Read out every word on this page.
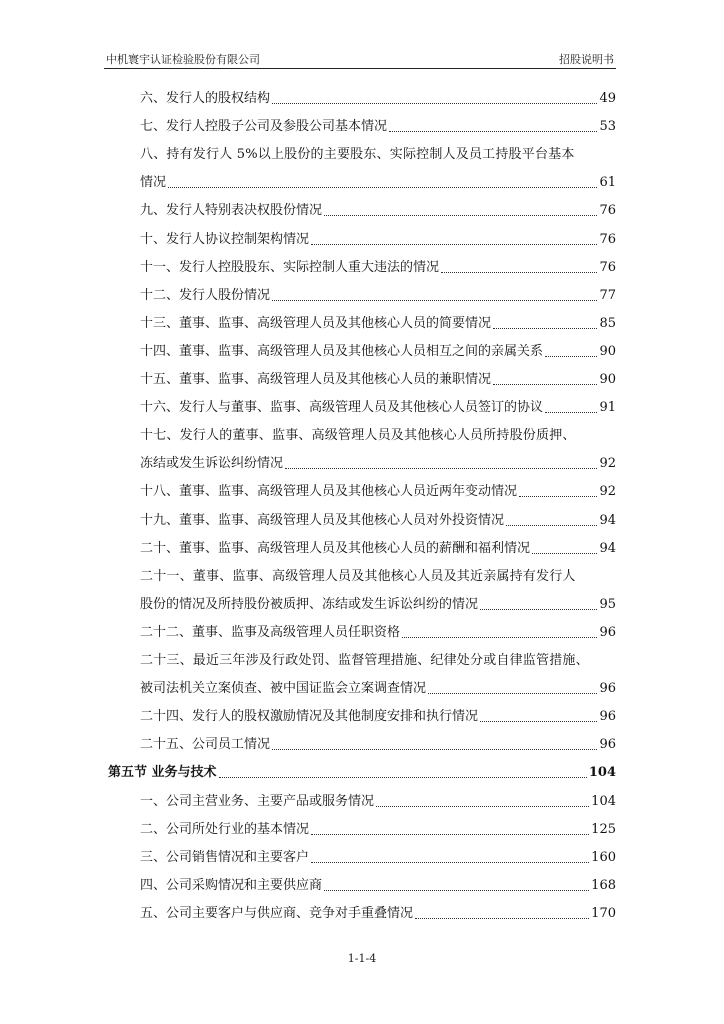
中机寰宇认证检验股份有限公司	招股说明书
六、发行人的股权结构	49
七、发行人控股子公司及参股公司基本情况	53
八、持有发行人 5%以上股份的主要股东、实际控制人及员工持股平台基本
情况	61
九、发行人特别表决权股份情况	76
十、发行人协议控制架构情况	76
十一、发行人控股股东、实际控制人重大违法的情况	76
十二、发行人股份情况	77
十三、董事、监事、高级管理人员及其他核心人员的简要情况	85
十四、董事、监事、高级管理人员及其他核心人员相互之间的亲属关系	90
十五、董事、监事、高级管理人员及其他核心人员的兼职情况	90
十六、发行人与董事、监事、高级管理人员及其他核心人员签订的协议	91
十七、发行人的董事、监事、高级管理人员及其他核心人员所持股份质押、
冻结或发生诉讼纠纷情况	92
十八、董事、监事、高级管理人员及其他核心人员近两年变动情况	92
十九、董事、监事、高级管理人员及其他核心人员对外投资情况	94
二十、董事、监事、高级管理人员及其他核心人员的薪酬和福利情况	94
二十一、董事、监事、高级管理人员及其他核心人员及其近亲属持有发行人
股份的情况及所持股份被质押、冻结或发生诉讼纠纷的情况	95
二十二、董事、监事及高级管理人员任职资格	96
二十三、最近三年涉及行政处罚、监督管理措施、纪律处分或自律监管措施、
被司法机关立案侦查、被中国证监会立案调查情况	96
二十四、发行人的股权激励情况及其他制度安排和执行情况	96
二十五、公司员工情况	96
第五节 业务与技术	104
一、公司主营业务、主要产品或服务情况	104
二、公司所处行业的基本情况	125
三、公司销售情况和主要客户	160
四、公司采购情况和主要供应商	168
五、公司主要客户与供应商、竞争对手重叠情况	170
1-1-4
